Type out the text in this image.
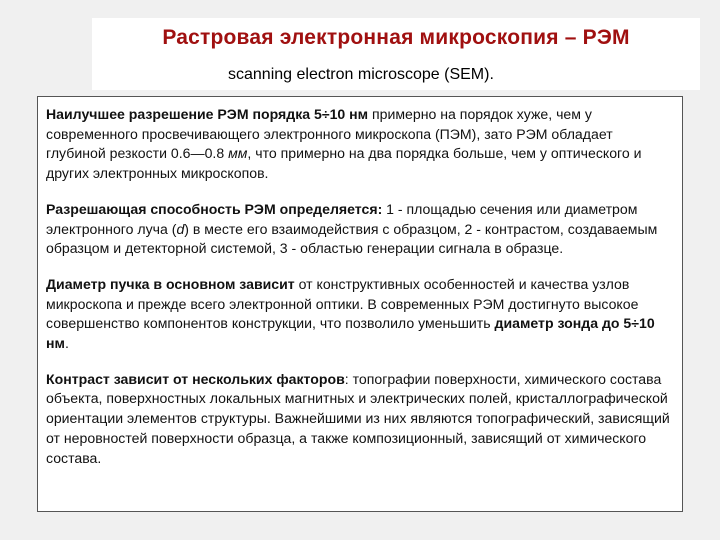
Растровая электронная микроскопия – РЭМ
scanning electron microscope (SEM).

Наилучшее разрешение РЭМ порядка 5÷10 нм примерно на порядок хуже, чем у современного просвечивающего электронного микроскопа (ПЭМ), зато РЭМ обладает глубиной резкости 0.6—0.8 мм, что примерно на два порядка больше, чем у оптического и других электронных микроскопов.

Разрешающая способность РЭМ определяется: 1 - площадью сечения или диаметром электронного луча (d) в месте его взаимодействия с образцом, 2 - контрастом, создаваемым образцом и детекторной системой, 3 - областью генерации сигнала в образце.

Диаметр пучка в основном зависит от конструктивных особенностей и качества узлов микроскопа и прежде всего электронной оптики. В современных РЭМ достигнуто высокое совершенство компонентов конструкции, что позволило уменьшить диаметр зонда до 5÷10 нм.

Контраст зависит от нескольких факторов: топографии поверхности, химического состава объекта, поверхностных локальных магнитных и электрических полей, кристаллографической ориентации элементов структуры. Важнейшими из них являются топографический, зависящий от неровностей поверхности образца, а также композиционный, зависящий от химического состава.
